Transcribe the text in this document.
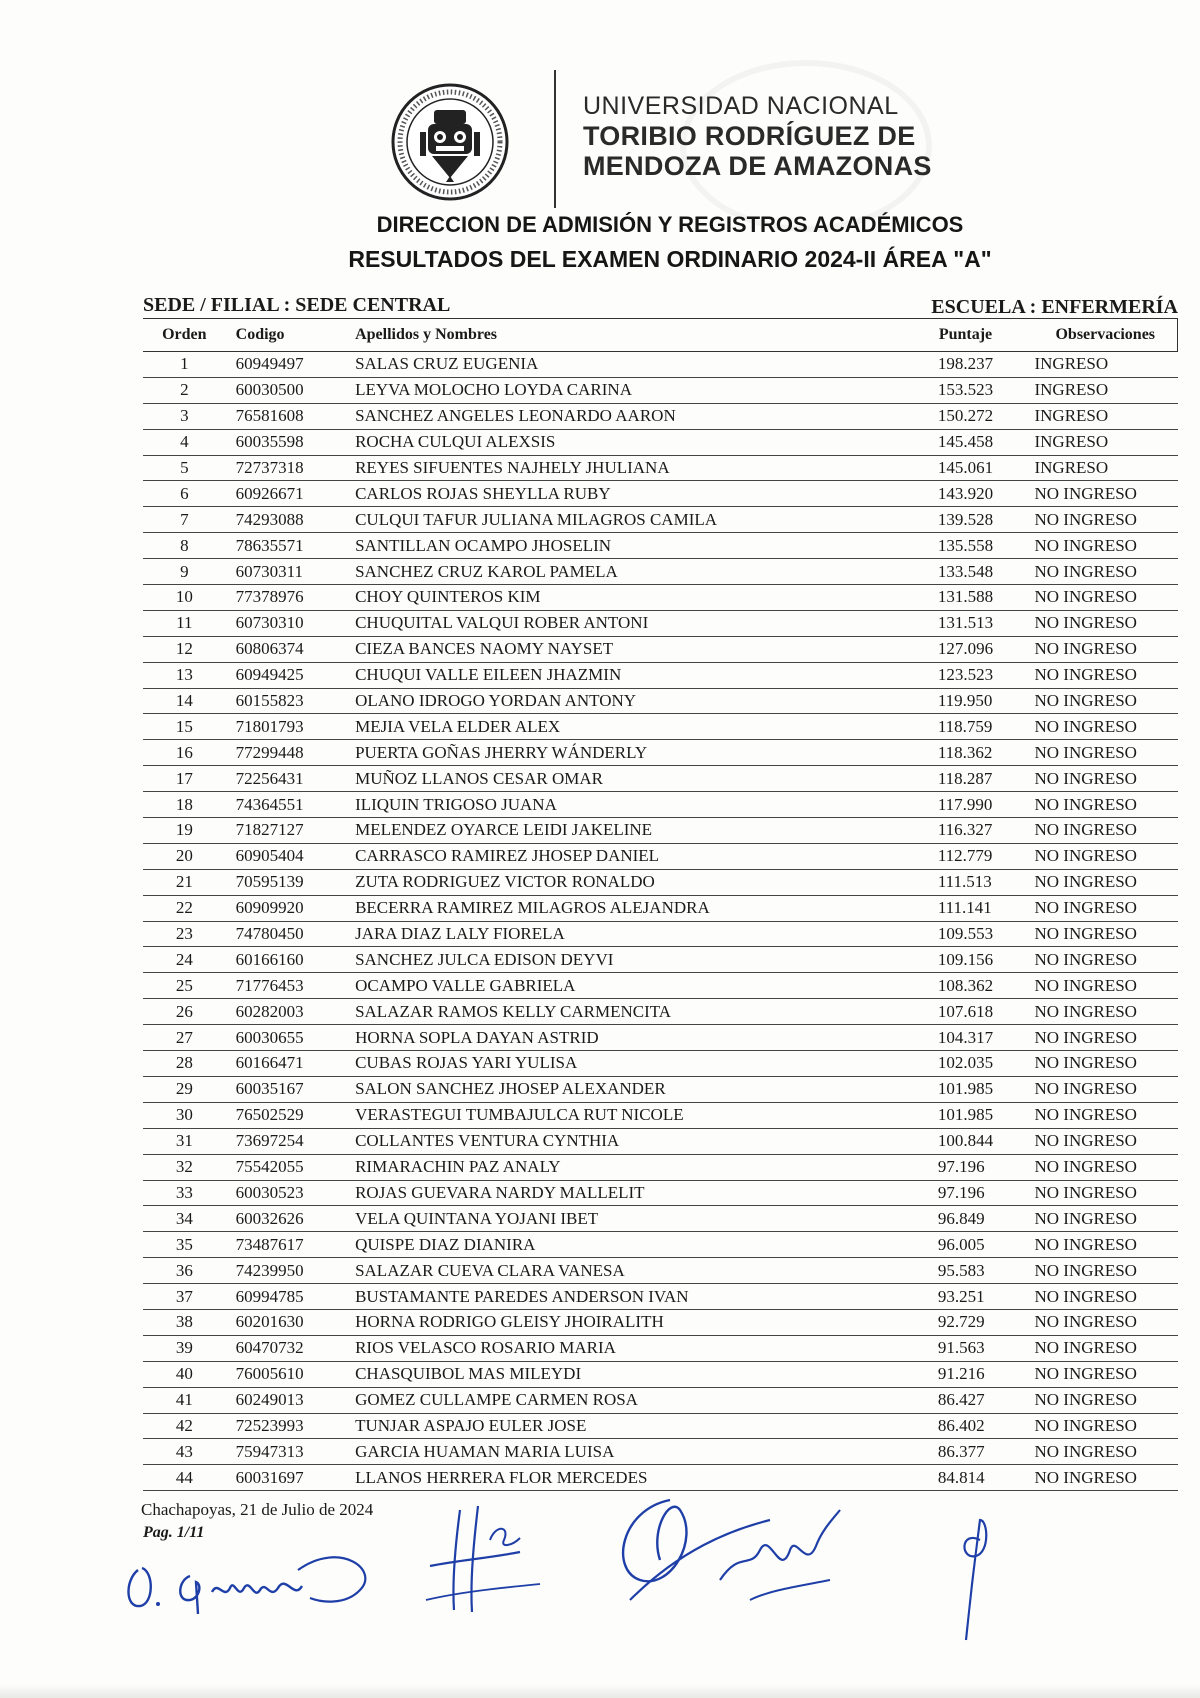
UNIVERSIDAD NACIONAL
TORIBIO RODRÍGUEZ DE
MENDOZA DE AMAZONAS
DIRECCION DE ADMISIÓN Y REGISTROS ACADÉMICOS
RESULTADOS DEL EXAMEN ORDINARIO 2024-II ÁREA "A"
SEDE / FILIAL : SEDE CENTRAL	ESCUELA : ENFERMERÍA
Orden	Codigo	Apellidos y Nombres	Puntaje	Observaciones
1	60949497	SALAS CRUZ EUGENIA	198.237	INGRESO
2	60030500	LEYVA MOLOCHO LOYDA CARINA	153.523	INGRESO
3	76581608	SANCHEZ ANGELES LEONARDO AARON	150.272	INGRESO
4	60035598	ROCHA CULQUI ALEXSIS	145.458	INGRESO
5	72737318	REYES SIFUENTES NAJHELY JHULIANA	145.061	INGRESO
6	60926671	CARLOS ROJAS SHEYLLA RUBY	143.920	NO INGRESO
7	74293088	CULQUI TAFUR JULIANA MILAGROS CAMILA	139.528	NO INGRESO
8	78635571	SANTILLAN OCAMPO JHOSELIN	135.558	NO INGRESO
9	60730311	SANCHEZ CRUZ KAROL PAMELA	133.548	NO INGRESO
10	77378976	CHOY QUINTEROS KIM	131.588	NO INGRESO
11	60730310	CHUQUITAL VALQUI ROBER ANTONI	131.513	NO INGRESO
12	60806374	CIEZA BANCES NAOMY NAYSET	127.096	NO INGRESO
13	60949425	CHUQUI VALLE EILEEN JHAZMIN	123.523	NO INGRESO
14	60155823	OLANO IDROGO YORDAN ANTONY	119.950	NO INGRESO
15	71801793	MEJIA VELA ELDER ALEX	118.759	NO INGRESO
16	77299448	PUERTA GOÑAS JHERRY WÁNDERLY	118.362	NO INGRESO
17	72256431	MUÑOZ LLANOS CESAR OMAR	118.287	NO INGRESO
18	74364551	ILIQUIN TRIGOSO JUANA	117.990	NO INGRESO
19	71827127	MELENDEZ OYARCE LEIDI JAKELINE	116.327	NO INGRESO
20	60905404	CARRASCO RAMIREZ JHOSEP DANIEL	112.779	NO INGRESO
21	70595139	ZUTA RODRIGUEZ VICTOR RONALDO	111.513	NO INGRESO
22	60909920	BECERRA RAMIREZ MILAGROS ALEJANDRA	111.141	NO INGRESO
23	74780450	JARA DIAZ LALY FIORELA	109.553	NO INGRESO
24	60166160	SANCHEZ JULCA EDISON DEYVI	109.156	NO INGRESO
25	71776453	OCAMPO VALLE GABRIELA	108.362	NO INGRESO
26	60282003	SALAZAR RAMOS KELLY CARMENCITA	107.618	NO INGRESO
27	60030655	HORNA SOPLA DAYAN ASTRID	104.317	NO INGRESO
28	60166471	CUBAS ROJAS YARI YULISA	102.035	NO INGRESO
29	60035167	SALON SANCHEZ JHOSEP ALEXANDER	101.985	NO INGRESO
30	76502529	VERASTEGUI TUMBAJULCA RUT NICOLE	101.985	NO INGRESO
31	73697254	COLLANTES VENTURA CYNTHIA	100.844	NO INGRESO
32	75542055	RIMARACHIN PAZ ANALY	97.196	NO INGRESO
33	60030523	ROJAS GUEVARA NARDY MALLELIT	97.196	NO INGRESO
34	60032626	VELA QUINTANA YOJANI IBET	96.849	NO INGRESO
35	73487617	QUISPE DIAZ DIANIRA	96.005	NO INGRESO
36	74239950	SALAZAR CUEVA CLARA VANESA	95.583	NO INGRESO
37	60994785	BUSTAMANTE PAREDES ANDERSON IVAN	93.251	NO INGRESO
38	60201630	HORNA RODRIGO GLEISY JHOIRALITH	92.729	NO INGRESO
39	60470732	RIOS VELASCO ROSARIO MARIA	91.563	NO INGRESO
40	76005610	CHASQUIBOL MAS MILEYDI	91.216	NO INGRESO
41	60249013	GOMEZ CULLAMPE CARMEN ROSA	86.427	NO INGRESO
42	72523993	TUNJAR ASPAJO EULER JOSE	86.402	NO INGRESO
43	75947313	GARCIA HUAMAN MARIA LUISA	86.377	NO INGRESO
44	60031697	LLANOS HERRERA FLOR MERCEDES	84.814	NO INGRESO
Chachapoyas, 21 de Julio de 2024
Pag. 1/11
